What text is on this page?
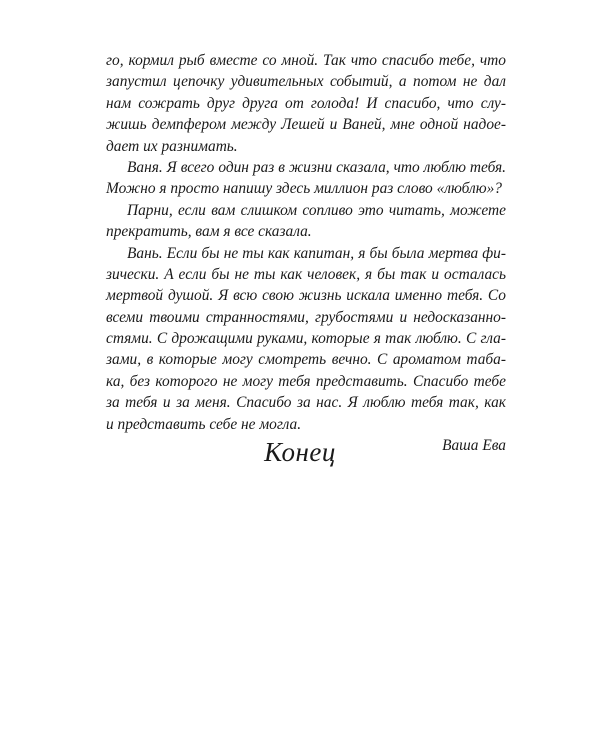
го, кормил рыб вместе со мной. Так что спасибо тебе, что
запустил цепочку удивительных событий, а потом не дал
нам сожрать друг друга от голода! И спасибо, что слу-
жишь демпфером между Лешей и Ваней, мне одной надое-
дает их разнимать.
Ваня. Я всего один раз в жизни сказала, что люблю тебя.
Можно я просто напишу здесь миллион раз слово «люблю»?
Парни, если вам слишком сопливо это читать, можете
прекратить, вам я все сказала.
Вань. Если бы не ты как капитан, я бы была мертва фи-
зически. А если бы не ты как человек, я бы так и осталась
мертвой душой. Я всю свою жизнь искала именно тебя. Со
всеми твоими странностями, грубостями и недосказанно-
стями. С дрожащими руками, которые я так люблю. С гла-
зами, в которые могу смотреть вечно. С ароматом таба-
ка, без которого не могу тебя представить. Спасибо тебе
за тебя и за меня. Спасибо за нас. Я люблю тебя так, как
и представить себе не могла.
Ваша Ева
Конец
